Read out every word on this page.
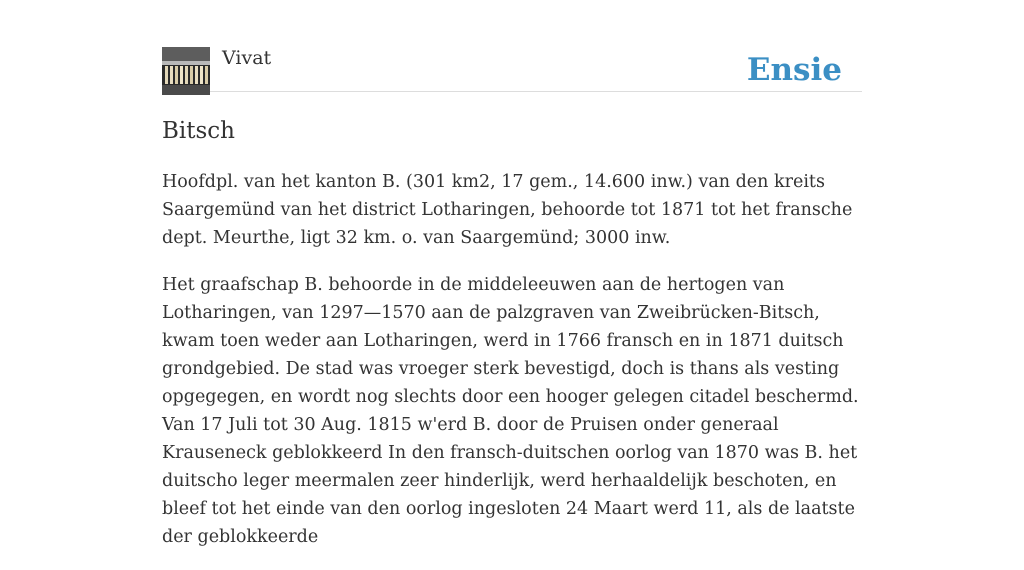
Vivat	Ensie
Bitsch

Hoofdpl. van het kanton B. (301 km2, 17 gem., 14.600 inw.) van den kreits Saargemünd van het district Lotharingen, behoorde tot 1871 tot het fransche dept. Meurthe, ligt 32 km. o. van Saargemünd; 3000 inw.

Het graafschap B. behoorde in de middeleeuwen aan de hertogen van Lotharingen, van 1297—1570 aan de palzgraven van Zweibrücken-Bitsch, kwam toen weder aan Lotharingen, werd in 1766 fransch en in 1871 duitsch grondgebied. De stad was vroeger sterk bevestigd, doch is thans als vesting opgegegen, en wordt nog slechts door een hooger gelegen citadel beschermd. Van 17 Juli tot 30 Aug. 1815 w'erd B. door de Pruisen onder generaal Krauseneck geblokkeerd In den fransch-duitschen oorlog van 1870 was B. het duitscho leger meermalen zeer hinderlijk, werd herhaaldelijk beschoten, en bleef tot het einde van den oorlog ingesloten 24 Maart werd 11, als de laatste der geblokkeerde
